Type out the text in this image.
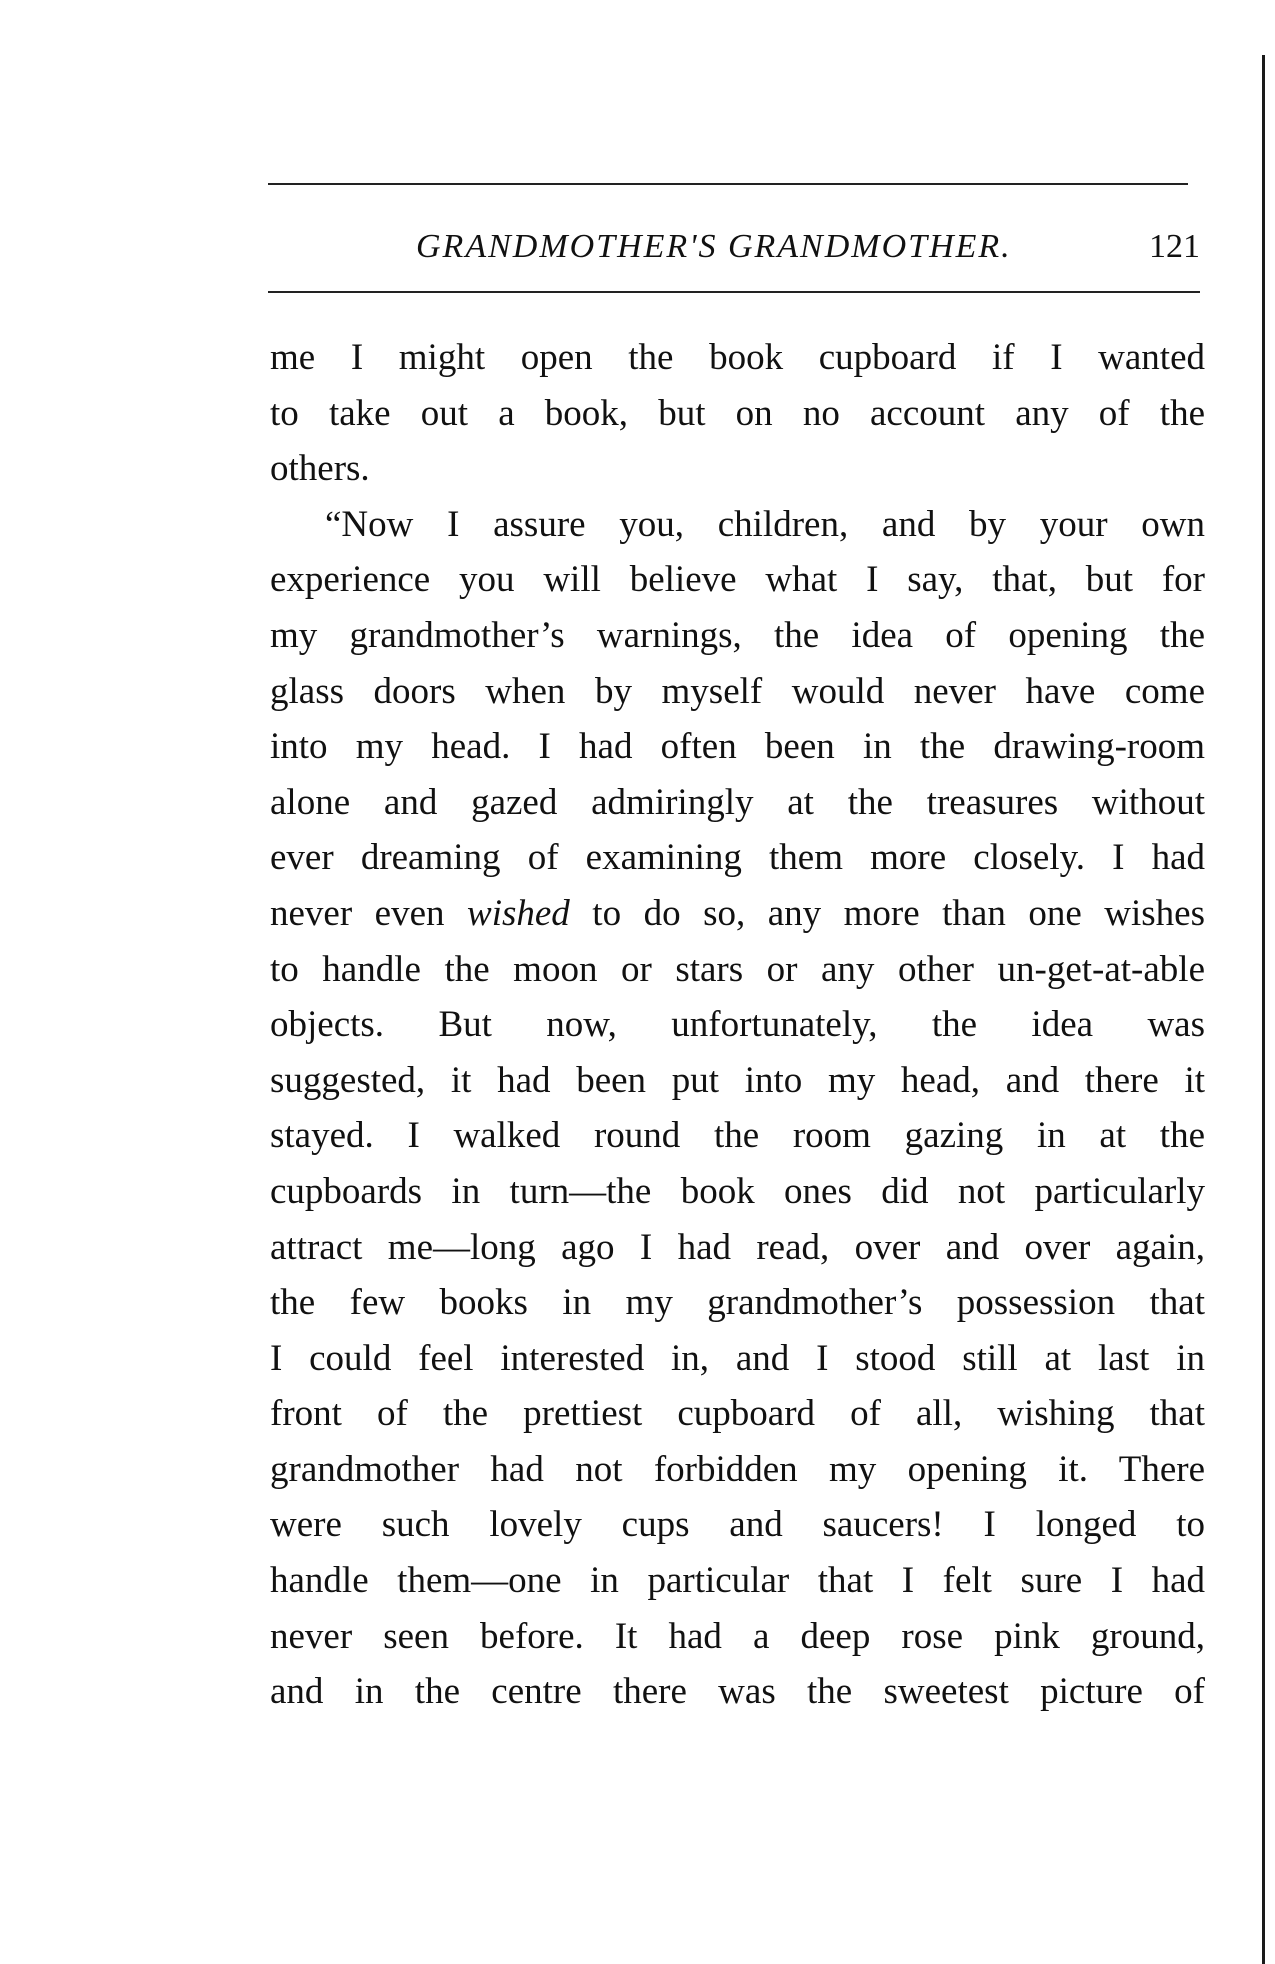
GRANDMOTHER'S GRANDMOTHER.	121
me I might open the book cupboard if I wanted
to take out a book, but on no account any of the
others.
“Now I assure you, children, and by your own
experience you will believe what I say, that, but for
my grandmother’s warnings, the idea of opening the
glass doors when by myself would never have come
into my head. I had often been in the drawing-room
alone and gazed admiringly at the treasures without
ever dreaming of examining them more closely. I had
never even wished to do so, any more than one wishes
to handle the moon or stars or any other un-get-at-able
objects. But now, unfortunately, the idea was
suggested, it had been put into my head, and there it
stayed. I walked round the room gazing in at the
cupboards in turn—the book ones did not particularly
attract me—long ago I had read, over and over again,
the few books in my grandmother’s possession that
I could feel interested in, and I stood still at last in
front of the prettiest cupboard of all, wishing that
grandmother had not forbidden my opening it. There
were such lovely cups and saucers! I longed to
handle them—one in particular that I felt sure I had
never seen before. It had a deep rose pink ground,
and in the centre there was the sweetest picture of
